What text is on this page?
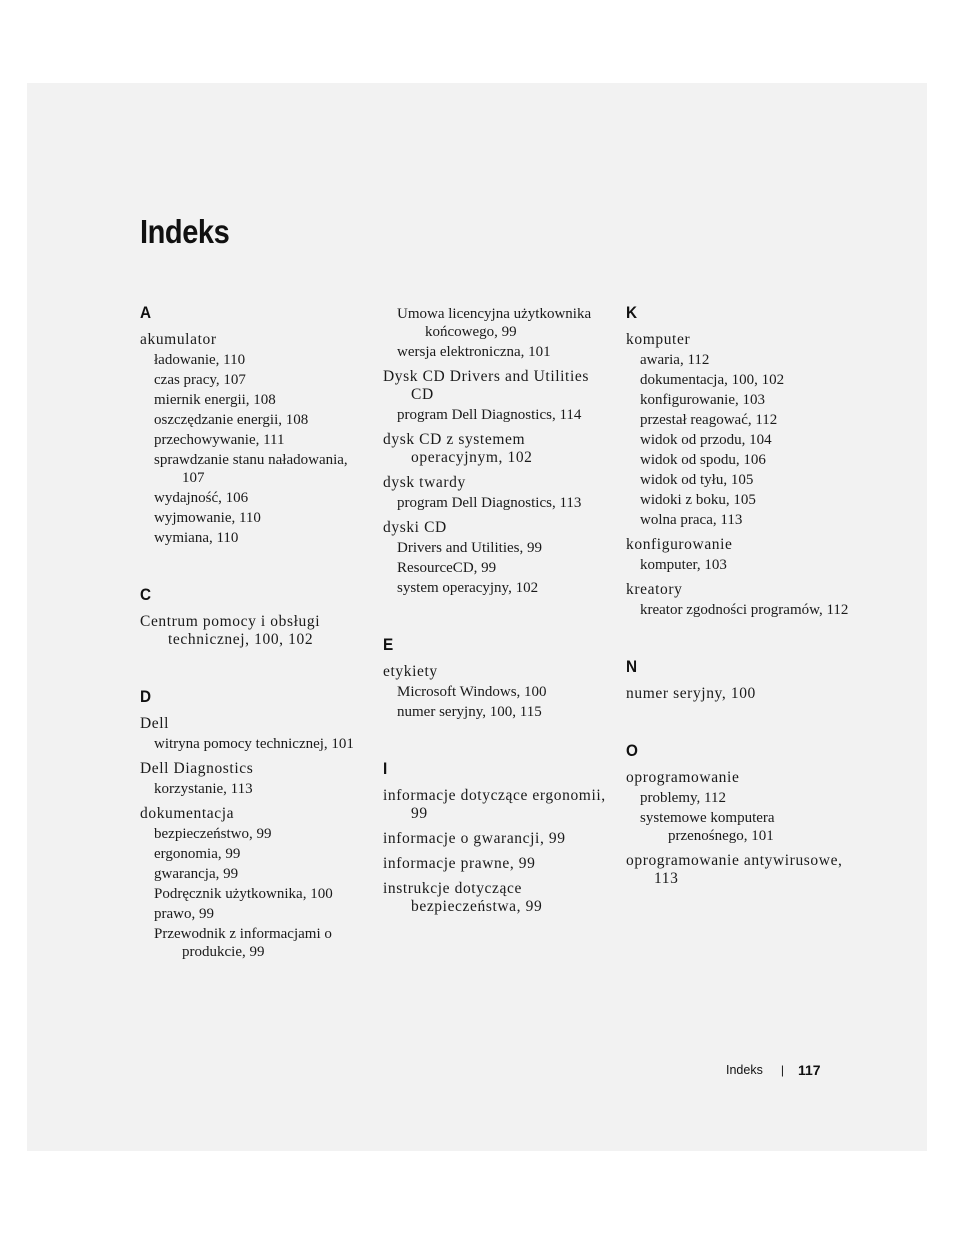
Indeks
A
akumulator
ładowanie, 110
czas pracy, 107
miernik energii, 108
oszczędzanie energii, 108
przechowywanie, 111
sprawdzanie stanu naładowania, 107
wydajność, 106
wyjmowanie, 110
wymiana, 110
C
Centrum pomocy i obsługi technicznej, 100, 102
D
Dell
witryna pomocy technicznej, 101
Dell Diagnostics
korzystanie, 113
dokumentacja
bezpieczeństwo, 99
ergonomia, 99
gwarancja, 99
Podręcznik użytkownika, 100
prawo, 99
Przewodnik z informacjami o produkcie, 99
Umowa licencyjna użytkownika końcowego, 99
wersja elektroniczna, 101
Dysk CD Drivers and Utilities CD
program Dell Diagnostics, 114
dysk CD z systemem operacyjnym, 102
dysk twardy
program Dell Diagnostics, 113
dyski CD
Drivers and Utilities, 99
ResourceCD, 99
system operacyjny, 102
E
etykiety
Microsoft Windows, 100
numer seryjny, 100, 115
I
informacje dotyczące ergonomii, 99
informacje o gwarancji, 99
informacje prawne, 99
instrukcje dotyczące bezpieczeństwa, 99
K
komputer
awaria, 112
dokumentacja, 100, 102
konfigurowanie, 103
przestał reagować, 112
widok od przodu, 104
widok od spodu, 106
widok od tyłu, 105
widoki z boku, 105
wolna praca, 113
konfigurowanie
komputer, 103
kreatory
kreator zgodności programów, 112
N
numer seryjny, 100
O
oprogramowanie
problemy, 112
systemowe komputera przenośnego, 101
oprogramowanie antywirusowe, 113
Indeks | 117
